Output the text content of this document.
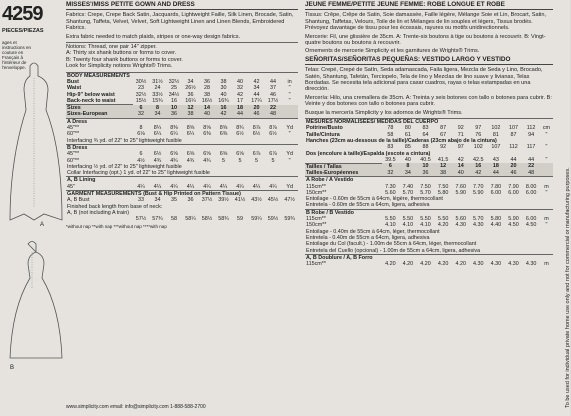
4259
PIECES/PIEZAS
ages et instructions en couture en Français à l'intérieur de l'enveloppe.
A
B
MISSES'/MISS PETITE GOWN AND DRESS
Fabrics: Crepe, Crepe Back Satin, Jacquards, Lightweight Faille, Silk Linen, Brocade, Satin, Shantung, Taffeta, Velvet, Velvet, Soft Lightweight Linen and Linen Blends, Embroidered Fabrics.
Extra fabric needed to match plaids, stripes or one-way design fabrics.
Notions: Thread, one pair 14" zipper.
A: Thirty six shank buttons or forms to cover.
B: Twenty four shank buttons or forms to cover.
Look for Simplicity notions Wrights® Trims.
BODY MEASUREMENTS										
Bust	30½	31½	32½	34	36	38	40	42	44	in
Waist	23	24	25	26½	28	30	32	34	37	"
Hip-9" below waist	32½	33½	34½	36	38	40	42	44	46	"
Back-neck to waist	15½	15¾	16	16¼	16½	16¾	17	17¼	17½	"
Sizes	6	8	10	12	14	16	18	20	22	
Sizes-European	32	34	36	38	40	42	44	46	48	
A Dress										
45"**	8	8¼	8⅜	8⅝	8⅝	8⅝	8¾	8⅞	8⅞	Yd
60"**	6⅛	6¼	6¼	6¼	6⅜	6⅜	6½	6½	6½	"
Interfacing ¾ yd. of 22" to 25" lightweight fusible										
B Dress										
45"**	6	6½	6⅝	6⅝	6⅝	6⅝	6⅝	6⅞	6⅞	Yd
60"**	4½	4¾	4¾	4¾	4¾	5	5	5	5	"
Interfacing ½ yd. of 22" to 25" lightweight fusible										
Collar Interfacing (opt.) 1 yd. of 22" to 25" lightweight fusible										
A, B Lining										
45"	4¼	4¼	4¼	4¼	4¼	4¼	4¼	4¼	4¼	Yd
GARMENT MEASUREMENTS (Bust & Hip Printed on Pattern Tissue)										
A, B Bust	33	34	35	36	37½	39½	41½	43½	45½	47½
Finished back length from base of neck:										
A, B (not including A train)										
	57½	57¾	58	58¼	58½	58¾	59	59¼	59½	59¾
*without nap **with nap ***without nap ****with nap
JEUNE FEMME/PETITE JEUNE FEMME: ROBE LONGUE ET ROBE
Tissus: Crêpe, Crêpe de Satin, Soie damassée, Faille légère, Mélange Soie et Lin, Brocart, Satin, Shantung, Taffetas, Velours, Toile de lin et Mélanges de lin souples et légers, Tissus brodés. Prévoyez davantage de tissu pour les écossais, rayures ou motifs unidirectionnels.
Mercerie: Fil, une glissière de 35cm. A: Trente-six boutons à tige ou boutons à recouvrir. B: Vingt-quatre boutons ou boutons à recouvrir.
Ornements de mercerie Simplicity et les garnitures de Wrights® Trims.
SEÑORITAS/SEÑORITAS PEQUEÑAS: VESTIDO LARGO Y VESTIDO
Telas: Crepé, Crepé de Satín, Seda adamascada, Faila ligera, Mezcla de Seda y Lino, Brocado, Satén, Shantung, Tafetán, Terciopelo, Tela de lino y Mezclas de lino suave y livianas, Telas Bordadas. Se necesita tela adicional para casar cuadros, rayas o telas estampadas en una dirección.
Mercería: Hilo, una cremallera de 35cm. A: Treinta y seis botones con tallo o botones para cubrir. B: Veinte y dos botones con tallo o botones para cubrir.
Busque la mercería Simplicity y los adornos de Wrights® Trims.
MESURES NORMALISÉES/ MEDIDAS DEL CUERPO										
Poitrine/Busto	78	80	83	87	92	97	102	107	112	cm
Taille/Cintura	58	61	64	67	71	76	81	87	94	"
Hanches (23cm au-dessous de la taille)/Caderas (23cm abajo de la cintura)										
	83	85	88	92	97	102	107	112	117	"
Dos (encolure à taille)/Espalda (escote a cintura)										
	39.5	40	40.5	41.5	42	42.5	43	44	44	"
Tailles / Tallas	6	8	10	12	14	16	18	20	22	
Tailles-Européennes	32	34	36	38	40	42	44	46	48	
A Robe / A Vestido										
115cm**	7.30	7.40	7.50	7.50	7.60	7.70	7.80	7.90	8.00	m
150cm**	5.60	5.70	5.70	5.80	5.90	5.90	6.00	6.00	6.00	"
Entoilage - 0.60m de 55cm à 64cm, légère, thermocollant										
Entretela - 0.60m de 55cm a 64cm, ligera, adhesiva										
B Robe / B Vestido										
115cm**	5.50	5.50	5.50	5.50	5.60	5.70	5.80	5.90	6.00	m
150cm**	4.10	4.10	4.10	4.20	4.30	4.30	4.40	4.50	4.50	"
Entoilage - 0.40m de 55cm à 64cm, léger, thermocollant										
Entretela - 0.40m de 55cm a 64cm, ligera, adhesiva										
Entoilage du Col (facult.) - 1.00m de 55cm à 64cm, léger, thermocollant										
Entretela del Cuello (opcional) - 1.00m de 55cm a 64cm, ligera, adhesiva										
A, B Doublure / A, B Forro										
115cm**	4.20	4.20	4.20	4.20	4.20	4.30	4.30	4.30	4.30	m	To be used for individual private home use only and not for commercial or manufacturing purposes.
www.simplicity.com email: info@simplicity.com 1-888-588-2700
